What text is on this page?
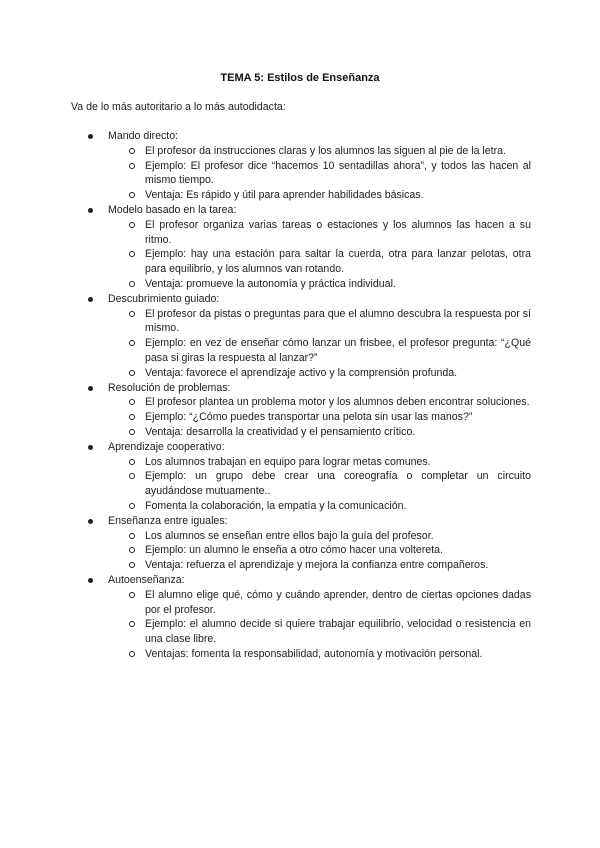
TEMA 5: Estilos de Enseñanza
Va de lo más autoritario a lo más autodidacta:
Mando directo:
El profesor da instrucciones claras y los alumnos las siguen al pie de la letra.
Ejemplo: El profesor dice “hacemos 10 sentadillas ahora”, y todos las hacen al mismo tiempo.
Ventaja: Es rápido y útil para aprender habilidades básicas.
Modelo basado en la tarea:
El profesor organiza varias tareas o estaciones y los alumnos las hacen a su ritmo.
Ejemplo: hay una estación para saltar la cuerda, otra para lanzar pelotas, otra para equilibrio, y los alumnos van rotando.
Ventaja: promueve la autonomía y práctica individual.
Descubrimiento guiado:
El profesor da pistas o preguntas para que el alumno descubra la respuesta por sí mismo.
Ejemplo: en vez de enseñar cómo lanzar un frisbee, el profesor pregunta: “¿Qué pasa si giras la respuesta al lanzar?”
Ventaja: favorece el aprendizaje activo y la comprensión profunda.
Resolución de problemas:
El profesor plantea un problema motor y los alumnos deben encontrar soluciones.
Ejemplo: “¿Cómo puedes transportar una pelota sin usar las manos?”
Ventaja: desarrolla la creatividad y el pensamiento crítico.
Aprendizaje cooperativo:
Los alumnos trabajan en equipo para lograr metas comunes.
Ejemplo: un grupo debe crear una coreografía o completar un circuito ayudándose mutuamente..
Fomenta la colaboración, la empatía y la comunicación.
Enseñanza entre iguales:
Los alumnos se enseñan entre ellos bajo la guía del profesor.
Ejemplo: un alumno le enseña a otro cómo hacer una voltereta.
Ventaja: refuerza el aprendizaje y mejora la confianza entre compañeros.
Autoenseñanza:
El alumno elige qué, cómo y cuándo aprender, dentro de ciertas opciones dadas por el profesor.
Ejemplo: el alumno decide si quiere trabajar equilibrio, velocidad o resistencia en una clase libre.
Ventajas: fomenta la responsabilidad, autonomía y motivación personal.
